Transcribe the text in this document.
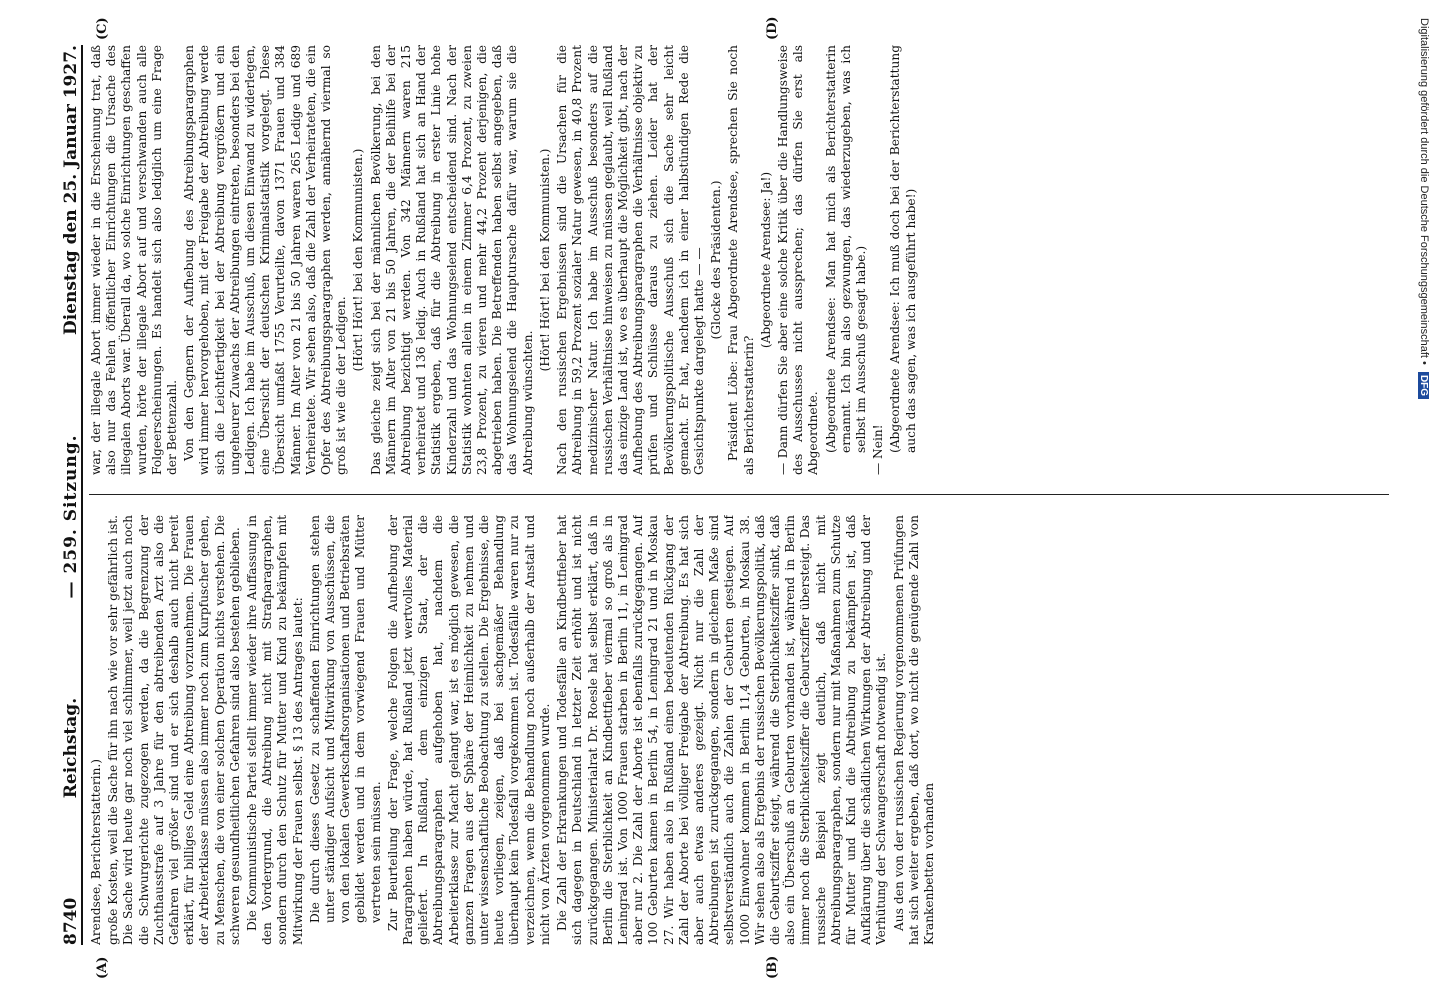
8740
Reichstag.
— 259. Sitzung.
Dienstag den 25. Januar 1927.

Arendsee, Berichterstatterin.) große Kosten, weil die Sache für ihn nach wie vor sehr gefährlich ist. Die Sache wird heute gar noch viel schlimmer, weil jetzt auch noch die Schwurgerichte zugezogen werden, da die Begrenzung der Zuchthausstrafe auf 3 Jahre für den abtreibenden Arzt also die Gefahren viel größer sind und er sich deshalb auch nicht bereit erklärt, für billiges Geld eine Abtreibung vorzunehmen. Die Frauen der Arbeiterklasse müssen also immer noch zum Kurpfuscher gehen, zu Menschen, die von einer solchen Operation nichts verstehen. Die schweren gesundheitlichen Gefahren sind also bestehen geblieben. Die Kommunistische Partei stellt immer wieder ihre Auffassung in den Vordergrund, die Abtreibung nicht mit Strafparagraphen, sondern durch den Schutz für Mutter und Kind zu bekämpfen mit Mitwirkung der Frauen selbst. § 13 des Antrages lautet: Die durch dieses Gesetz zu schaffenden Einrichtungen stehen unter ständiger Aufsicht und Mitwirkung von Ausschüssen, die von den lokalen Gewerkschaftsorganisationen und Betriebsräten gebildet werden und in dem vorwiegend Frauen und Mütter vertreten sein müssen. Zur Beurteilung der Frage, welche Folgen die Aufhebung der Paragraphen haben würde, hat Rußland jetzt wertvolles Material geliefert. In Rußland, dem einzigen Staat, der die Abtreibungsparagraphen aufgehoben hat, nachdem die Arbeiterklasse zur Macht gelangt war, ist es möglich gewesen, die ganzen Fragen aus der Sphäre der Heimlichkeit zu nehmen und unter wissenschaftliche Beobachtung zu stellen. Die Ergebnisse, die heute vorliegen, zeigen, daß bei sachgemäßer Behandlung überhaupt kein Todesfall vorgekommen ist. Todesfälle waren nur zu verzeichnen, wenn die Behandlung noch außerhalb der Anstalt und nicht von Ärzten vorgenommen wurde. Die Zahl der Erkrankungen und Todesfälle an Kindbettfieber hat sich dagegen in Deutschland in letzter Zeit erhöht und ist nicht zurückgegangen. Ministerialrat Dr. Roesle hat selbst erklärt, daß in Berlin die Sterblichkeit an Kindbettfieber viermal so groß als in Leningrad ist. Von 1000 Frauen starben in Berlin 11, in Leningrad aber nur 2. Die Zahl der Aborte ist ebenfalls zurückgegangen. Auf 100 Geburten kamen in Berlin 54, in Leningrad 21 und in Moskau 27. Wir haben also in Rußland einen bedeutenden Rückgang der Zahl der Aborte bei völliger Freigabe der Abtreibung. Es hat sich aber auch etwas anderes gezeigt. Nicht nur die Zahl der Abtreibungen ist zurückgegangen, sondern in gleichem Maße sind selbstverständlich auch die Zahlen der Geburten gestiegen. Auf 1000 Einwohner kommen in Berlin 11,4 Geburten, in Moskau 38. Wir sehen also als Ergebnis der russischen Bevölkerungspolitik, daß die Geburtsziffer steigt, während die Sterblichkeitsziffer sinkt, daß also ein Überschuß an Geburten vorhanden ist, während in Berlin immer noch die Sterblichkeitsziffer die Geburtsziffer übersteigt. Das russische Beispiel zeigt deutlich, daß nicht mit Abtreibungsparagraphen, sondern nur mit Maßnahmen zum Schutze für Mutter und Kind die Abtreibung zu bekämpfen ist, daß Aufklärung über die schädlichen Wirkungen der Abtreibung und der Verhütung der Schwangerschaft notwendig ist. Aus den von der russischen Regierung vorgenommenen Prüfungen hat sich weiter ergeben, daß dort, wo nicht die genügende Zahl von Krankenbetten vorhanden

war, der illegale Abort immer wieder in die Erscheinung trat, daß also nur das Fehlen öffentlicher Einrichtungen die Ursache des illegalen Aborts war. Überall da, wo solche Einrichtungen geschaffen wurden, hörte der illegale Abort auf und verschwanden auch alle Folgeerscheinungen. Es handelt sich also lediglich um eine Frage der Bettenzahl. Von den Gegnern der Aufhebung des Abtreibungsparagraphen wird immer hervorgehoben, mit der Freigabe der Abtreibung werde sich die Leichtfertigkeit bei der Abtreibung vergrößern und ein ungeheurer Zuwachs der Abtreibungen eintreten, besonders bei den Ledigen. Ich habe im Ausschuß, um diesen Einwand zu widerlegen, eine Übersicht der deutschen Kriminalstatistik vorgelegt. Diese Übersicht umfaßt 1755 Verurteilte, davon 1371 Frauen und 384 Männer. Im Alter von 21 bis 50 Jahren waren 265 Ledige und 689 Verheiratete. Wir sehen also, daß die Zahl der Verheirateten, die ein Opfer des Abtreibungsparagraphen werden, annähernd viermal so groß ist wie die der Ledigen.

(Hört! Hört! bei den Kommunisten.) Das gleiche zeigt sich bei der männlichen Bevölkerung, bei den Männern im Alter von 21 bis 50 Jahren, die der Beihilfe bei der Abtreibung bezichtigt werden. Von 342 Männern waren 215 verheiratet und 136 ledig. Auch in Rußland hat sich an Hand der Statistik ergeben, daß für die Abtreibung in erster Linie hohe Kinderzahl und das Wohnungselend entscheidend sind. Nach der Statistik wohnten allein in einem Zimmer 6,4 Prozent, zu zweien 23,8 Prozent, zu vieren und mehr 44,2 Prozent derjenigen, die abgetrieben haben. Die Betreffenden haben selbst angegeben, daß das Wohnungselend die Hauptursache dafür war, warum sie die Abtreibung wünschten.

(Hört! Hört! bei den Kommunisten.) Nach den russischen Ergebnissen sind die Ursachen für die Abtreibung in 59,2 Prozent sozialer Natur gewesen, in 40,8 Prozent medizinischer Natur. Ich habe im Ausschuß besonders auf die russischen Verhältnisse hinweisen zu müssen geglaubt, weil Rußland das einzige Land ist, wo es überhaupt die Möglichkeit gibt, nach der Aufhebung des Abtreibungsparagraphen die Verhältnisse objektiv zu prüfen und Schlüsse daraus zu ziehen. Leider hat der Bevölkerungspolitische Ausschuß sich die Sache sehr leicht gemacht. Er hat, nachdem ich in einer halbstündigen Rede die Gesichtspunkte dargelegt hatte — — (Glocke des Präsidenten.) Präsident Löbe: Frau Abgeordnete Arendsee, sprechen Sie noch als Berichterstatterin?

(Abgeordnete Arendsee: Ja!) — Dann dürfen Sie aber eine solche Kritik über die Handlungsweise des Ausschusses nicht aussprechen; das dürfen Sie erst als Abgeordnete. (Abgeordnete Arendsee: Man hat mich als Berichterstatterin ernannt. Ich bin also gezwungen, das wiederzugeben, was ich selbst im Ausschuß gesagt habe.) — Nein! (Abgeordnete Arendsee: Ich muß doch bei der Berichterstattung auch das sagen, was ich ausgeführt habe!)

(A)	(B)
(C)	(D)	Digitalisierung gefördert durch die Deutsche Forschungsgemeinschaft • DFG
